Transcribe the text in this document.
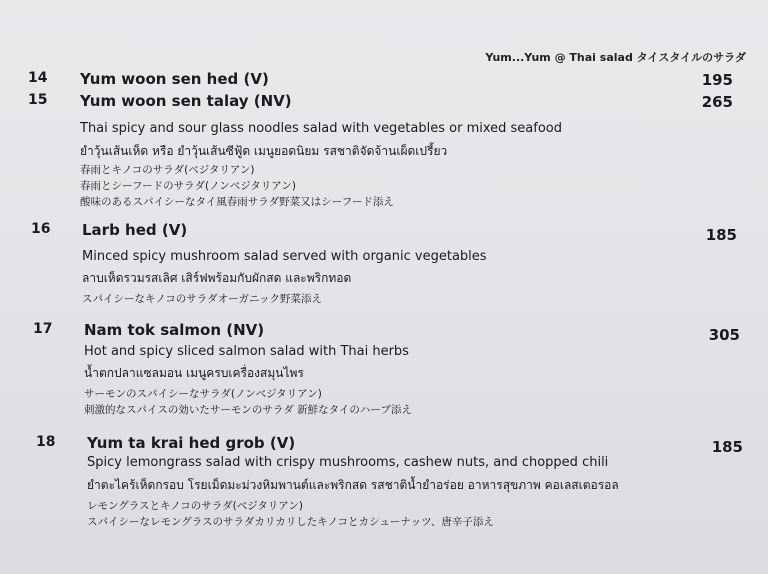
Yum...Yum @ Thai salad タイスタイルのサラダ
14 Yum woon sen hed (V)	195
15 Yum woon sen talay (NV)	265
Thai spicy and sour glass noodles salad with vegetables or mixed seafood
ยำวุ้นเส้นเห็ด หรือ ยำวุ้นเส้นซีฟู้ด เมนูยอดนิยม รสชาติจัดจ้านเผ็ดเปรี้ยว
春雨とキノコのサラダ(ベジタリアン)
春雨とシーフードのサラダ(ノンベジタリアン)
酸味のあるスパイシーなタイ風春雨サラダ野菜又はシーフード添え
16 Larb hed (V)	185
Minced spicy mushroom salad served with organic vegetables
ลาบเห็ดรวมรสเลิศ เสิร์ฟพร้อมกับผักสด และพริกทอด
スパイシーなキノコのサラダオーガニック野菜添え
17 Nam tok salmon (NV)	305
Hot and spicy sliced salmon salad with Thai herbs
น้ำตกปลาแซลมอน เมนูครบเครื่องสมุนไพร
サーモンのスパイシーなサラダ(ノンベジタリアン)
刺激的なスパイスの効いたサーモンのサラダ 新鮮なタイのハーブ添え
18 Yum ta krai hed grob (V)	185
Spicy lemongrass salad with crispy mushrooms, cashew nuts, and chopped chili
ยำตะไคร้เห็ดกรอบ โรยเม็ดมะม่วงหิมพานต์และพริกสด รสชาติน้ำยำอร่อย อาหารสุขภาพ คอเลสเตอรอล
レモングラスとキノコのサラダ(ベジタリアン)
スパイシーなレモングラスのサラダカリカリしたキノコとカシューナッツ、唐辛子添え
